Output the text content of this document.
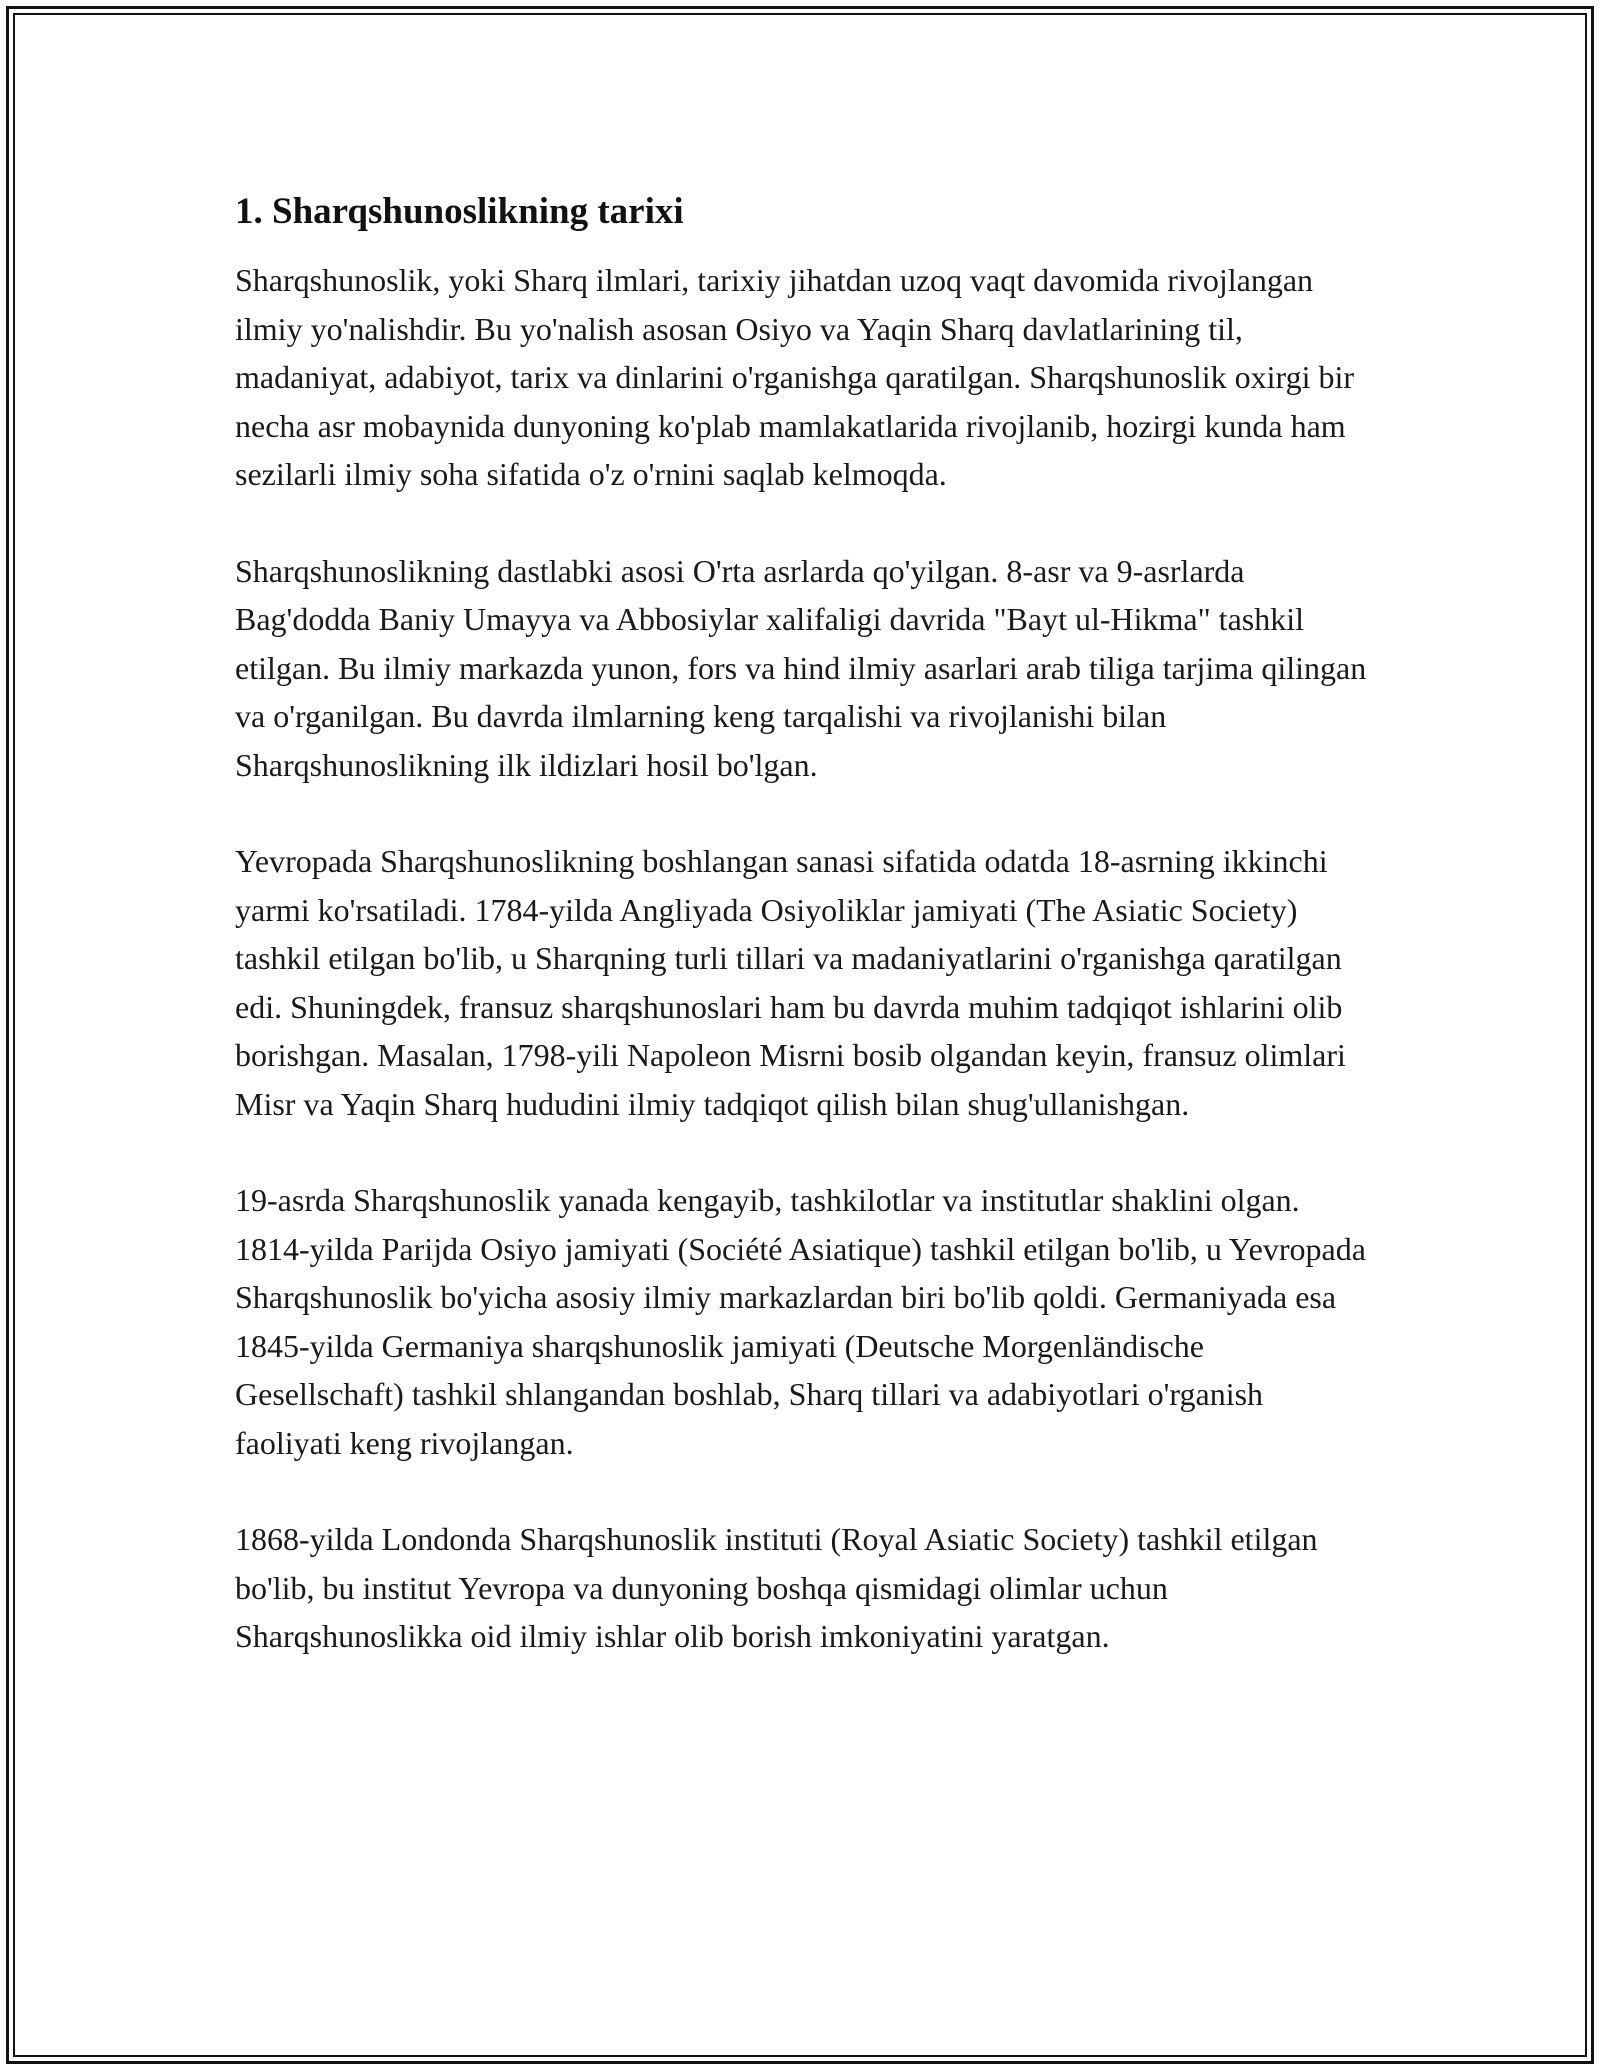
1. Sharqshunoslikning tarixi

Sharqshunoslik, yoki Sharq ilmlari, tarixiy jihatdan uzoq vaqt davomida rivojlangan ilmiy yo'nalishdir. Bu yo'nalish asosan Osiyo va Yaqin Sharq davlatlarining til, madaniyat, adabiyot, tarix va dinlarini o'rganishga qaratilgan. Sharqshunoslik oxirgi bir necha asr mobaynida dunyoning ko'plab mamlakatlarida rivojlanib, hozirgi kunda ham sezilarli ilmiy soha sifatida o'z o'rnini saqlab kelmoqda.

Sharqshunoslikning dastlabki asosi O'rta asrlarda qo'yilgan. 8-asr va 9-asrlarda Bag'dodda Baniy Umayya va Abbosiylar xalifaligi davrida "Bayt ul-Hikma" tashkil etilgan. Bu ilmiy markazda yunon, fors va hind ilmiy asarlari arab tiliga tarjima qilingan va o'rganilgan. Bu davrda ilmlarning keng tarqalishi va rivojlanishi bilan Sharqshunoslikning ilk ildizlari hosil bo'lgan.

Yevropada Sharqshunoslikning boshlangan sanasi sifatida odatda 18-asrning ikkinchi yarmi ko'rsatiladi. 1784-yilda Angliyada Osiyoliklar jamiyati (The Asiatic Society) tashkil etilgan bo'lib, u Sharqning turli tillari va madaniyatlarini o'rganishga qaratilgan edi. Shuningdek, fransuz sharqshunoslari ham bu davrda muhim tadqiqot ishlarini olib borishgan. Masalan, 1798-yili Napoleon Misrni bosib olgandan keyin, fransuz olimlari Misr va Yaqin Sharq hududini ilmiy tadqiqot qilish bilan shug'ullanishgan.

19-asrda Sharqshunoslik yanada kengayib, tashkilotlar va institutlar shaklini olgan. 1814-yilda Parijda Osiyo jamiyati (Société Asiatique) tashkil etilgan bo'lib, u Yevropada Sharqshunoslik bo'yicha asosiy ilmiy markazlardan biri bo'lib qoldi. Germaniyada esa 1845-yilda Germaniya sharqshunoslik jamiyati (Deutsche Morgenländische Gesellschaft) tashkil shlangandan boshlab, Sharq tillari va adabiyotlari o'rganish faoliyati keng rivojlangan.

1868-yilda Londonda Sharqshunoslik instituti (Royal Asiatic Society) tashkil etilgan bo'lib, bu institut Yevropa va dunyoning boshqa qismidagi olimlar uchun Sharqshunoslikka oid ilmiy ishlar olib borish imkoniyatini yaratgan.
